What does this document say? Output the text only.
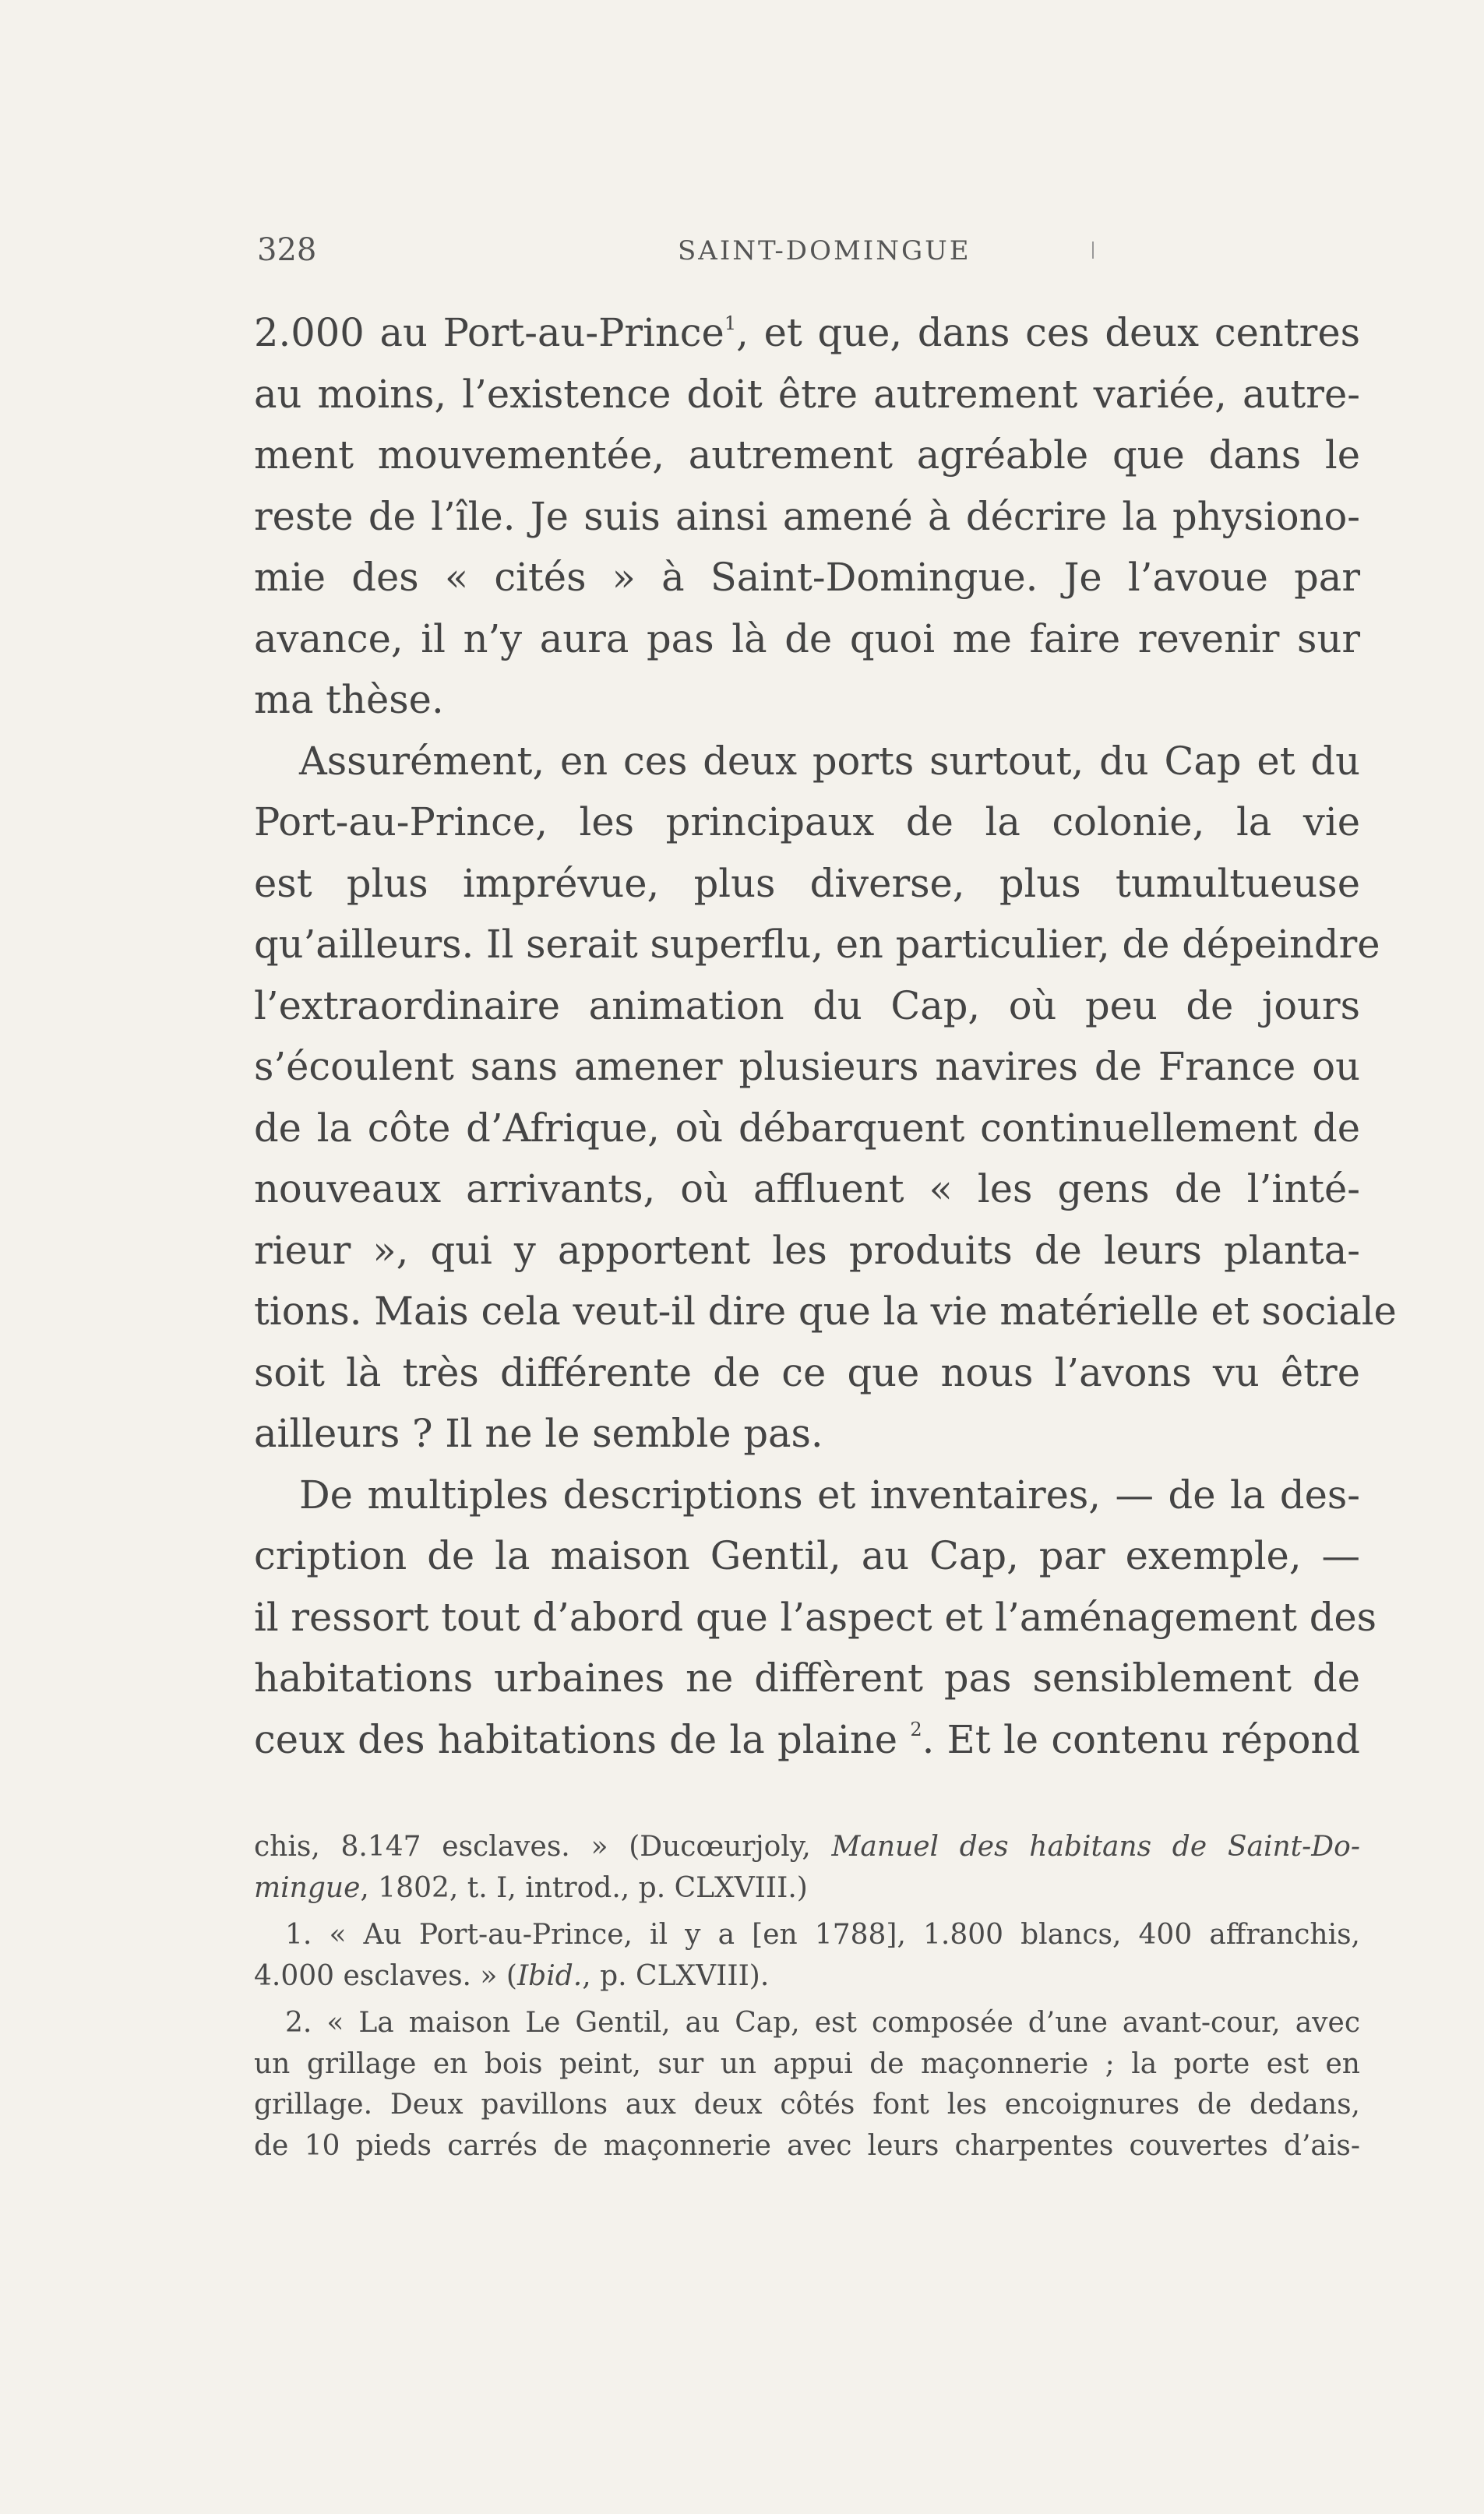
328	SAINT-DOMINGUE
2.000 au Port-au-Prince$^1$, et que, dans ces deux centres
au moins, l’existence doit être autrement variée, autre-
ment mouvementée, autrement agréable que dans le
reste de l’île. Je suis ainsi amené à décrire la physiono-
mie des « cités » à Saint-Domingue. Je l’avoue par
avance, il n’y aura pas là de quoi me faire revenir sur
ma thèse.
Assurément, en ces deux ports surtout, du Cap et du
Port-au-Prince, les principaux de la colonie, la vie
est plus imprévue, plus diverse, plus tumultueuse
qu’ailleurs. Il serait superflu, en particulier, de dépeindre
l’extraordinaire animation du Cap, où peu de jours
s’écoulent sans amener plusieurs navires de France ou
de la côte d’Afrique, où débarquent continuellement de
nouveaux arrivants, où affluent « les gens de l’inté-
rieur », qui y apportent les produits de leurs planta-
tions. Mais cela veut-il dire que la vie matérielle et sociale
soit là très différente de ce que nous l’avons vu être
ailleurs ? Il ne le semble pas.
De multiples descriptions et inventaires, — de la des-
cription de la maison Gentil, au Cap, par exemple, —
il ressort tout d’abord que l’aspect et l’aménagement des
habitations urbaines ne diffèrent pas sensiblement de
ceux des habitations de la plaine $^2$. Et le contenu répond
chis, 8.147 esclaves. » (Ducœurjoly, Manuel des habitans de Saint-Do-
mingue, 1802, t. I, introd., p. CLXVIII.)
1. « Au Port-au-Prince, il y a [en 1788], 1.800 blancs, 400 affranchis,
4.000 esclaves. » (Ibid., p. CLXVIII).
2. « La maison Le Gentil, au Cap, est composée d’une avant-cour, avec
un grillage en bois peint, sur un appui de maçonnerie ; la porte est en
grillage. Deux pavillons aux deux côtés font les encoignures de dedans,
de 10 pieds carrés de maçonnerie avec leurs charpentes couvertes d’ais-
